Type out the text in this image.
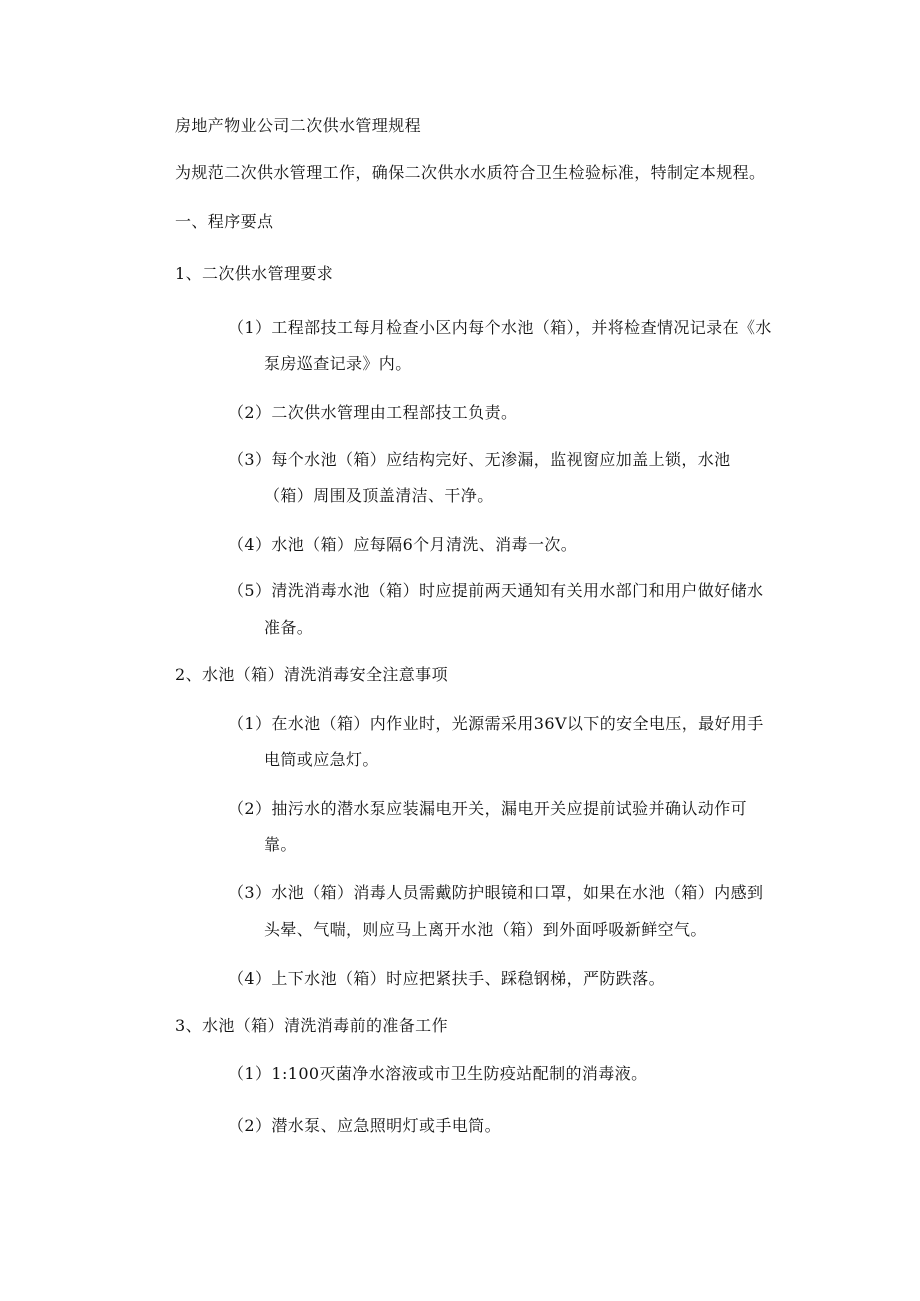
房地产物业公司二次供水管理规程
为规范二次供水管理工作，确保二次供水水质符合卫生检验标准，特制定本规程。
一、程序要点
1、二次供水管理要求
（1）工程部技工每月检查小区内每个水池（箱），并将检查情况记录在《水
泵房巡查记录》内。
（2）二次供水管理由工程部技工负责。
（3）每个水池（箱）应结构完好、无渗漏，监视窗应加盖上锁，水池
（箱）周围及顶盖清洁、干净。
（4）水池（箱）应每隔6个月清洗、消毒一次。
（5）清洗消毒水池（箱）时应提前两天通知有关用水部门和用户做好储水
准备。
2、水池（箱）清洗消毒安全注意事项
（1）在水池（箱）内作业时，光源需采用36V以下的安全电压，最好用手
电筒或应急灯。
（2）抽污水的潜水泵应装漏电开关，漏电开关应提前试验并确认动作可
靠。
（3）水池（箱）消毒人员需戴防护眼镜和口罩，如果在水池（箱）内感到
头晕、气喘，则应马上离开水池（箱）到外面呼吸新鲜空气。
（4）上下水池（箱）时应把紧扶手、踩稳钢梯，严防跌落。
3、水池（箱）清洗消毒前的准备工作
（1）1:100灭菌净水溶液或市卫生防疫站配制的消毒液。
（2）潜水泵、应急照明灯或手电筒。
